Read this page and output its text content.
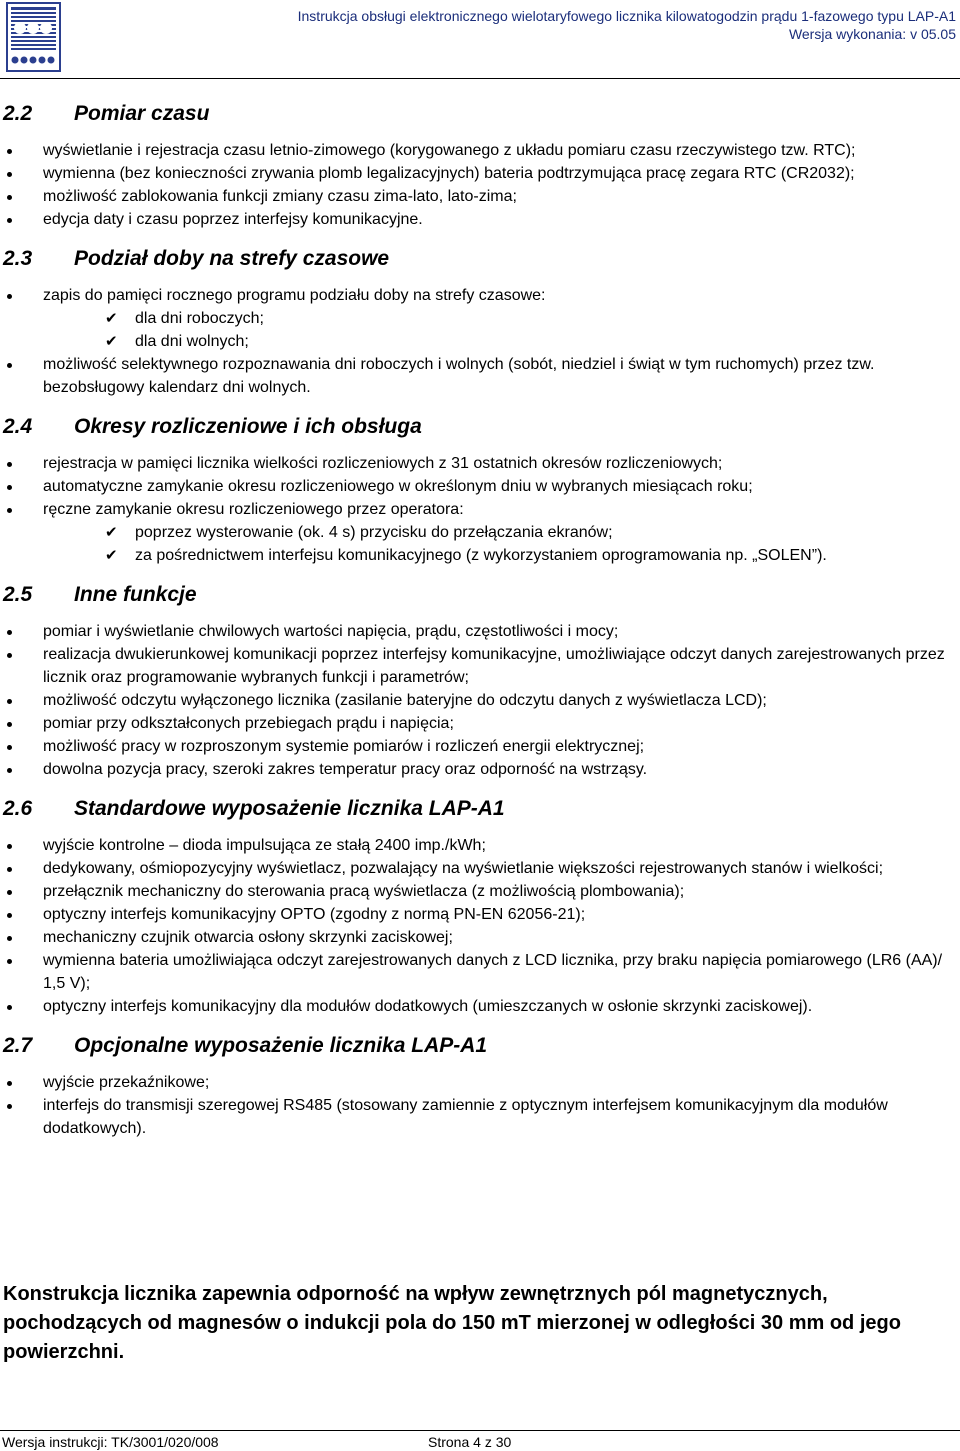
Instrukcja obsługi elektronicznego wielotaryfowego licznika kilowatogodzin prądu 1-fazowego typu LAP-A1
Wersja wykonania: v 05.05
2.2 Pomiar czasu
wyświetlanie i rejestracja czasu letnio-zimowego (korygowanego z układu pomiaru czasu rzeczywistego tzw. RTC);
wymienna (bez konieczności zrywania plomb legalizacyjnych) bateria podtrzymująca pracę zegara RTC (CR2032);
możliwość zablokowania funkcji zmiany czasu zima-lato, lato-zima;
edycja daty i czasu poprzez interfejsy komunikacyjne.
2.3 Podział doby na strefy czasowe
zapis do pamięci rocznego programu podziału doby na strefy czasowe:
✔ dla dni roboczych;
✔ dla dni wolnych;
możliwość selektywnego rozpoznawania dni roboczych i wolnych (sobót, niedziel i świąt w tym ruchomych) przez tzw. bezobsługowy kalendarz dni wolnych.
2.4 Okresy rozliczeniowe i ich obsługa
rejestracja w pamięci licznika wielkości rozliczeniowych z 31 ostatnich okresów rozliczeniowych;
automatyczne zamykanie okresu rozliczeniowego w określonym dniu w wybranych miesiącach roku;
ręczne zamykanie okresu rozliczeniowego przez operatora:
✔ poprzez wysterowanie (ok. 4 s) przycisku do przełączania ekranów;
✔ za pośrednictwem interfejsu komunikacyjnego (z wykorzystaniem oprogramowania np. „SOLEN”).
2.5 Inne funkcje
pomiar i wyświetlanie chwilowych wartości napięcia, prądu, częstotliwości i mocy;
realizacja dwukierunkowej komunikacji poprzez interfejsy komunikacyjne, umożliwiające odczyt danych zarejestrowanych przez licznik oraz programowanie wybranych funkcji i parametrów;
możliwość odczytu wyłączonego licznika (zasilanie bateryjne do odczytu danych z wyświetlacza LCD);
pomiar przy odkształconych przebiegach prądu i napięcia;
możliwość pracy w rozproszonym systemie pomiarów i rozliczeń energii elektrycznej;
dowolna pozycja pracy, szeroki zakres temperatur pracy oraz odporność na wstrząsy.
2.6 Standardowe wyposażenie licznika LAP-A1
wyjście kontrolne – dioda impulsująca ze stałą 2400 imp./kWh;
dedykowany, ośmiopozycyjny wyświetlacz, pozwalający na wyświetlanie większości rejestrowanych stanów i wielkości;
przełącznik mechaniczny do sterowania pracą wyświetlacza (z możliwością plombowania);
optyczny interfejs komunikacyjny OPTO (zgodny z normą PN-EN 62056-21);
mechaniczny czujnik otwarcia osłony skrzynki zaciskowej;
wymienna bateria umożliwiająca odczyt zarejestrowanych danych z LCD licznika, przy braku napięcia pomiarowego (LR6 (AA)/ 1,5 V);
optyczny interfejs komunikacyjny dla modułów dodatkowych (umieszczanych w osłonie skrzynki zaciskowej).
2.7 Opcjonalne wyposażenie licznika LAP-A1
wyjście przekaźnikowe;
interfejs do transmisji szeregowej RS485 (stosowany zamiennie z optycznym interfejsem komunikacyjnym dla modułów dodatkowych).
Konstrukcja licznika zapewnia odporność na wpływ zewnętrznych pól magnetycznych, pochodzących od magnesów o indukcji pola do 150 mT mierzonej w odległości 30 mm od jego powierzchni.
Wersja instrukcji: TK/3001/020/008	Strona 4 z 30
